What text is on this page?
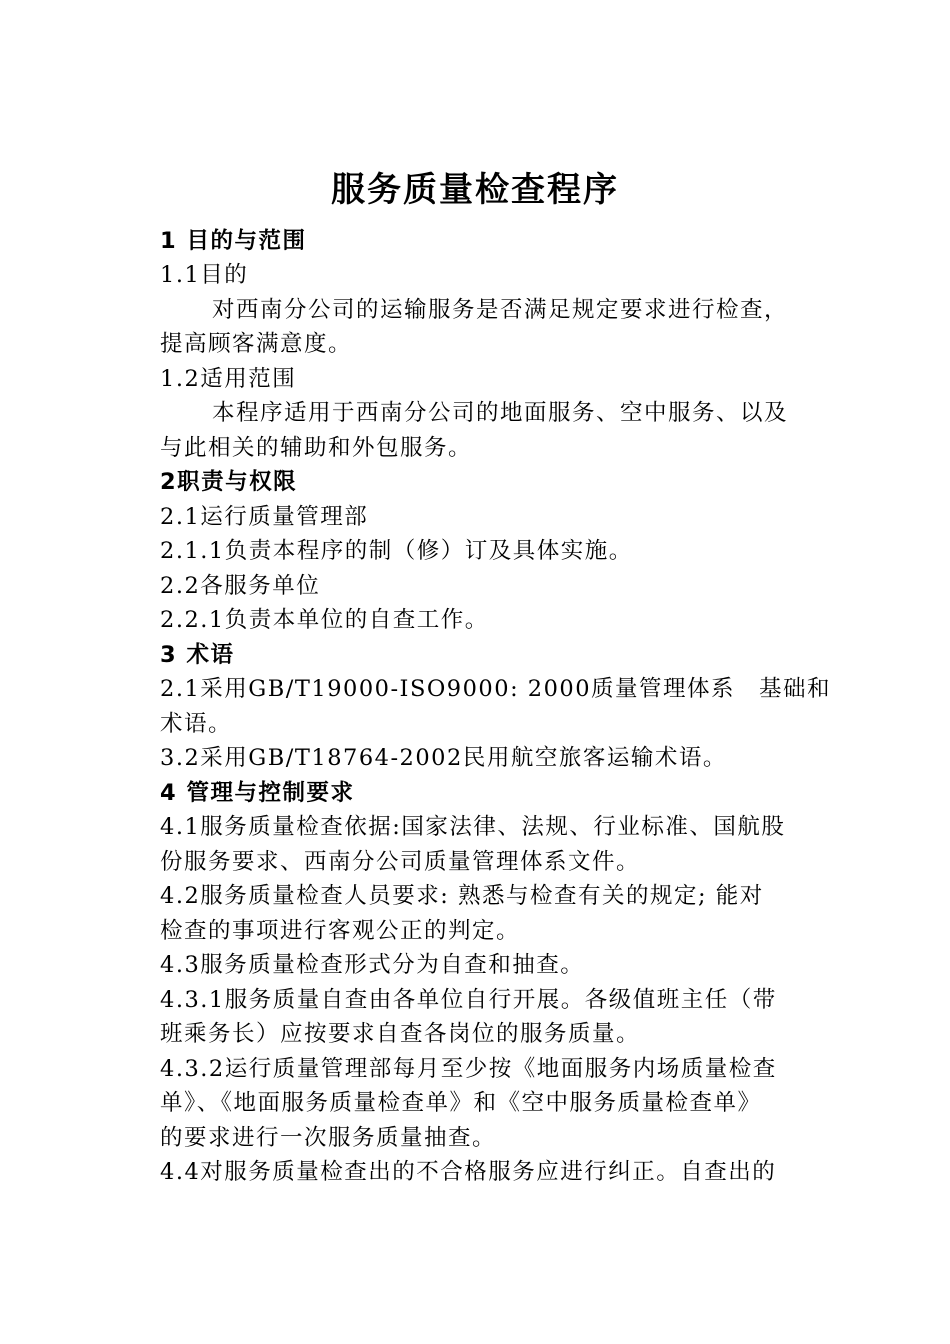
服务质量检查程序
1 目的与范围
1.1目的
对西南分公司的运输服务是否满足规定要求进行检查，
提高顾客满意度。
1.2适用范围
本程序适用于西南分公司的地面服务、空中服务、以及
与此相关的辅助和外包服务。
2职责与权限
2.1运行质量管理部
2.1.1负责本程序的制（修）订及具体实施。
2.2各服务单位
2.2.1负责本单位的自查工作。
3 术语
2.1采用GB/T19000-ISO9000: 2000质量管理体系　基础和
术语。
3.2采用GB/T18764-2002民用航空旅客运输术语。
4 管理与控制要求
4.1服务质量检查依据:国家法律、法规、行业标准、国航股
份服务要求、西南分公司质量管理体系文件。
4.2服务质量检查人员要求: 熟悉与检查有关的规定; 能对
检查的事项进行客观公正的判定。
4.3服务质量检查形式分为自查和抽查。
4.3.1服务质量自查由各单位自行开展。各级值班主任（带
班乘务长）应按要求自查各岗位的服务质量。
4.3.2运行质量管理部每月至少按《地面服务内场质量检查
单》、《地面服务质量检查单》和《空中服务质量检查单》
的要求进行一次服务质量抽查。
4.4对服务质量检查出的不合格服务应进行纠正。自查出的
